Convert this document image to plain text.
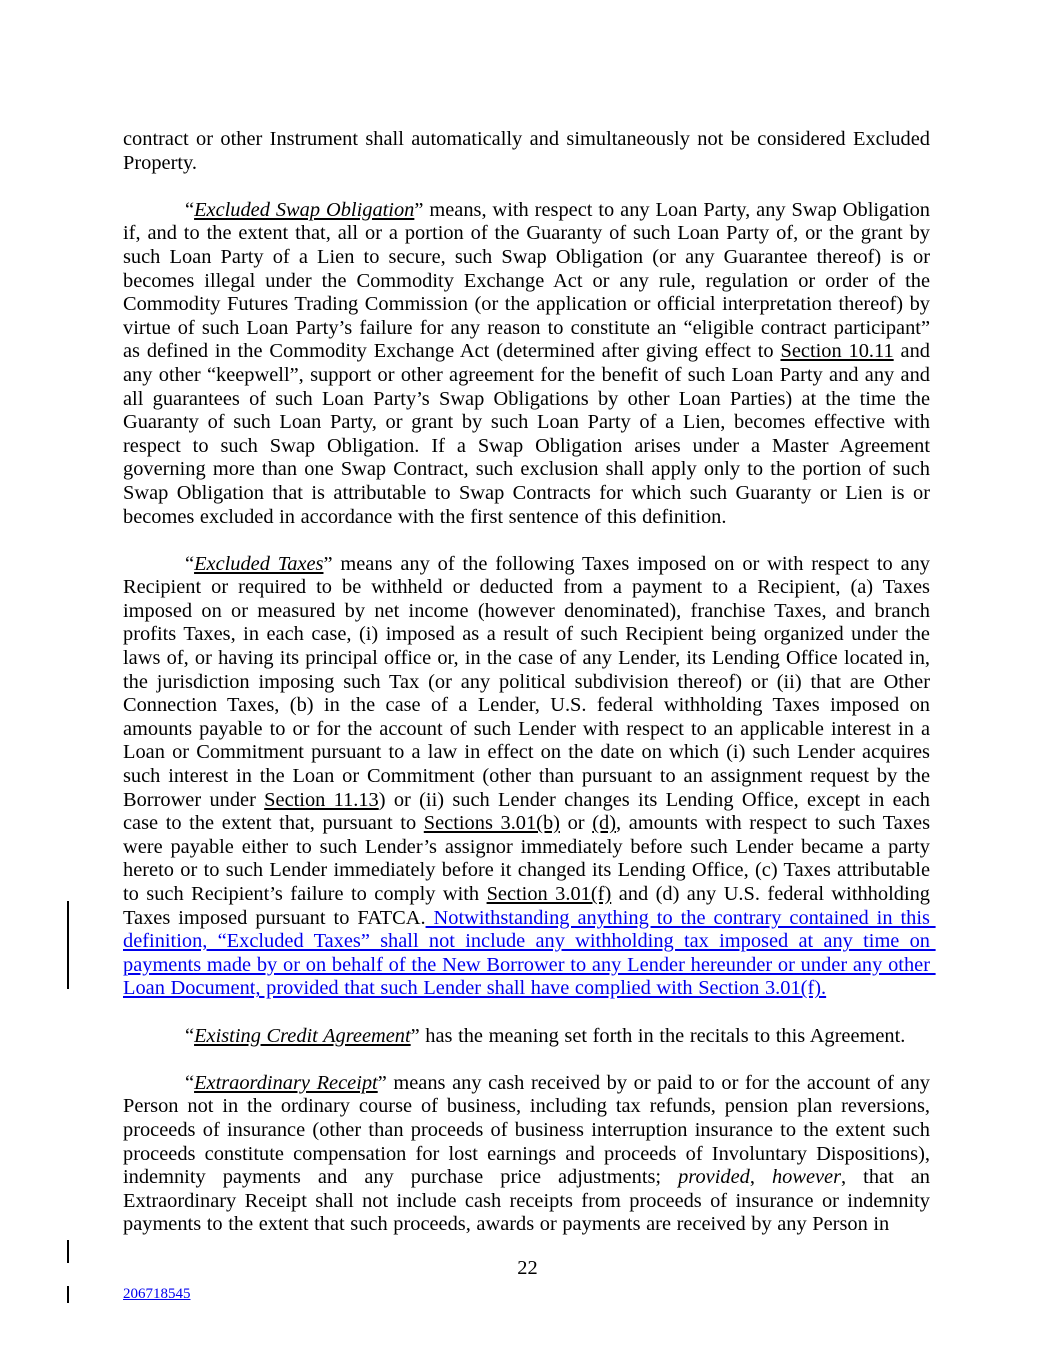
contract or other Instrument shall automatically and simultaneously not be considered Excluded Property.

“Excluded Swap Obligation” means, with respect to any Loan Party, any Swap Obligation if, and to the extent that, all or a portion of the Guaranty of such Loan Party of, or the grant by such Loan Party of a Lien to secure, such Swap Obligation (or any Guarantee thereof) is or becomes illegal under the Commodity Exchange Act or any rule, regulation or order of the Commodity Futures Trading Commission (or the application or official interpretation thereof) by virtue of such Loan Party’s failure for any reason to constitute an “eligible contract participant” as defined in the Commodity Exchange Act (determined after giving effect to Section 10.11 and any other “keepwell”, support or other agreement for the benefit of such Loan Party and any and all guarantees of such Loan Party’s Swap Obligations by other Loan Parties) at the time the Guaranty of such Loan Party, or grant by such Loan Party of a Lien, becomes effective with respect to such Swap Obligation. If a Swap Obligation arises under a Master Agreement governing more than one Swap Contract, such exclusion shall apply only to the portion of such Swap Obligation that is attributable to Swap Contracts for which such Guaranty or Lien is or becomes excluded in accordance with the first sentence of this definition.

“Excluded Taxes” means any of the following Taxes imposed on or with respect to any Recipient or required to be withheld or deducted from a payment to a Recipient, (a) Taxes imposed on or measured by net income (however denominated), franchise Taxes, and branch profits Taxes, in each case, (i) imposed as a result of such Recipient being organized under the laws of, or having its principal office or, in the case of any Lender, its Lending Office located in, the jurisdiction imposing such Tax (or any political subdivision thereof) or (ii) that are Other Connection Taxes, (b) in the case of a Lender, U.S. federal withholding Taxes imposed on amounts payable to or for the account of such Lender with respect to an applicable interest in a Loan or Commitment pursuant to a law in effect on the date on which (i) such Lender acquires such interest in the Loan or Commitment (other than pursuant to an assignment request by the Borrower under Section 11.13) or (ii) such Lender changes its Lending Office, except in each case to the extent that, pursuant to Sections 3.01(b) or (d), amounts with respect to such Taxes were payable either to such Lender’s assignor immediately before such Lender became a party hereto or to such Lender immediately before it changed its Lending Office, (c) Taxes attributable to such Recipient’s failure to comply with Section 3.01(f) and (d) any U.S. federal withholding Taxes imposed pursuant to FATCA. Notwithstanding anything to the contrary contained in this definition, “Excluded Taxes” shall not include any withholding tax imposed at any time on payments made by or on behalf of the New Borrower to any Lender hereunder or under any other Loan Document, provided that such Lender shall have complied with Section 3.01(f).

“Existing Credit Agreement” has the meaning set forth in the recitals to this Agreement.

“Extraordinary Receipt” means any cash received by or paid to or for the account of any Person not in the ordinary course of business, including tax refunds, pension plan reversions, proceeds of insurance (other than proceeds of business interruption insurance to the extent such proceeds constitute compensation for lost earnings and proceeds of Involuntary Dispositions), indemnity payments and any purchase price adjustments; provided, however, that an Extraordinary Receipt shall not include cash receipts from proceeds of insurance or indemnity payments to the extent that such proceeds, awards or payments are received by any Person in

22
206718545
